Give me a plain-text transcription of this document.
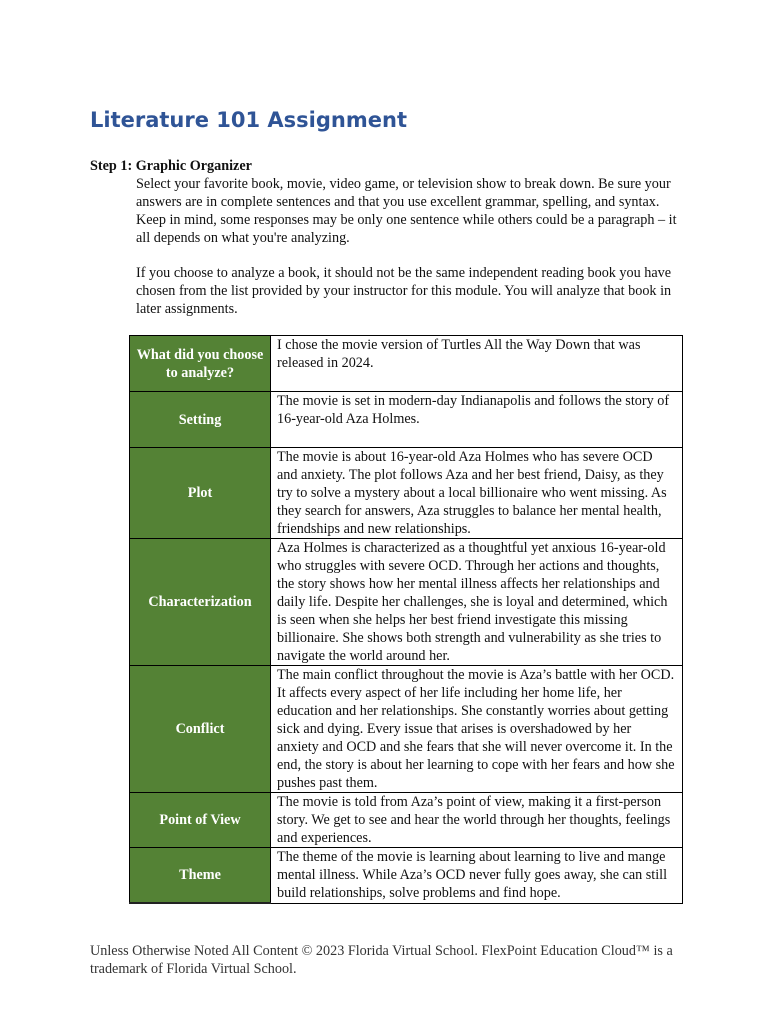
Literature 101 Assignment
Step 1: Graphic Organizer

Select your favorite book, movie, video game, or television show to break down. Be sure your answers are in complete sentences and that you use excellent grammar, spelling, and syntax. Keep in mind, some responses may be only one sentence while others could be a paragraph – it all depends on what you're analyzing.

If you choose to analyze a book, it should not be the same independent reading book you have chosen from the list provided by your instructor for this module. You will analyze that book in later assignments.

What did you choose to analyze?	I chose the movie version of Turtles All the Way Down that was released in 2024.
Setting	The movie is set in modern-day Indianapolis and follows the story of 16-year-old Aza Holmes.
Plot	The movie is about 16-year-old Aza Holmes who has severe OCD and anxiety. The plot follows Aza and her best friend, Daisy, as they try to solve a mystery about a local billionaire who went missing. As they search for answers, Aza struggles to balance her mental health, friendships and new relationships.
Characterization	Aza Holmes is characterized as a thoughtful yet anxious 16-year-old who struggles with severe OCD. Through her actions and thoughts, the story shows how her mental illness affects her relationships and daily life. Despite her challenges, she is loyal and determined, which is seen when she helps her best friend investigate this missing billionaire. She shows both strength and vulnerability as she tries to navigate the world around her.
Conflict	The main conflict throughout the movie is Aza’s battle with her OCD. It affects every aspect of her life including her home life, her education and her relationships. She constantly worries about getting sick and dying. Every issue that arises is overshadowed by her anxiety and OCD and she fears that she will never overcome it. In the end, the story is about her learning to cope with her fears and how she pushes past them.
Point of View	The movie is told from Aza’s point of view, making it a first-person story. We get to see and hear the world through her thoughts, feelings and experiences.
Theme	The theme of the movie is learning about learning to live and mange mental illness. While Aza’s OCD never fully goes away, she can still build relationships, solve problems and find hope.

Unless Otherwise Noted All Content © 2023 Florida Virtual School. FlexPoint Education Cloud™ is a trademark of Florida Virtual School.
